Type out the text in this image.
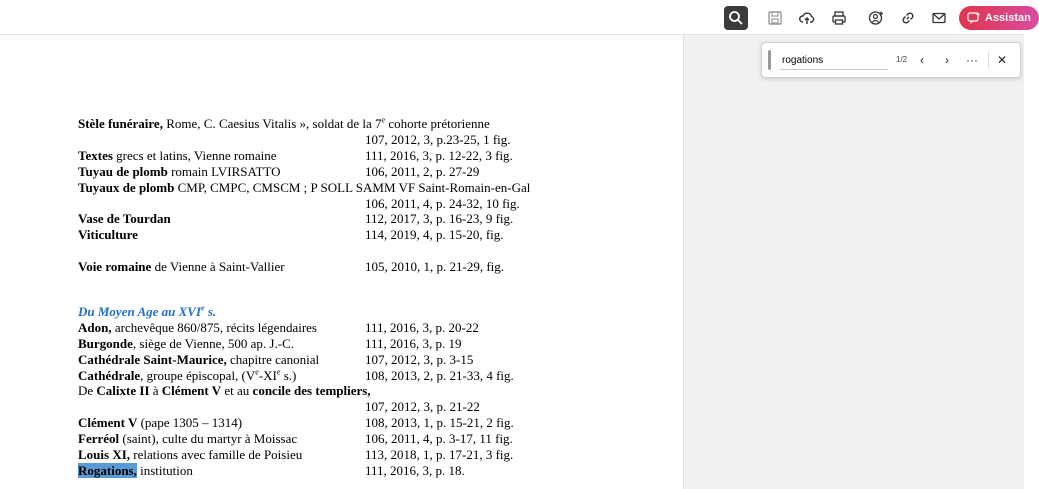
Assistan
Stèle funéraire, Rome, C. Caesius Vitalis », soldat de la 7e cohorte prétorienne
107, 2012, 3, p.23-25, 1 fig.
Textes grecs et latins, Vienne romaine	111, 2016, 3, p. 12-22, 3 fig.
Tuyau de plomb romain LVIRSATTO	106, 2011, 2, p. 27-29
Tuyaux de plomb CMP, CMPC, CMSCM ; P SOLL SAMM VF Saint-Romain-en-Gal
106, 2011, 4, p. 24-32, 10 fig.
Vase de Tourdan	112, 2017, 3, p. 16-23, 9 fig.
Viticulture	114, 2019, 4, p. 15-20, fig.
Voie romaine de Vienne à Saint-Vallier	105, 2010, 1, p. 21-29, fig.
Du Moyen Age au XVIe s.
Adon, archevêque 860/875, récits légendaires	111, 2016, 3, p. 20-22
Burgonde, siège de Vienne, 500 ap. J.-C.	111, 2016, 3, p. 19
Cathédrale Saint-Maurice, chapitre canonial	107, 2012, 3, p. 3-15
Cathédrale, groupe épiscopal, (Ve-XIe s.)	108, 2013, 2, p. 21-33, 4 fig.
De Calixte II à Clément V et au concile des templiers,
107, 2012, 3, p. 21-22
Clément V (pape 1305 – 1314)	108, 2013, 1, p. 15-21, 2 fig.
Ferréol (saint), culte du martyr à Moissac	106, 2011, 4, p. 3-17, 11 fig.
Louis XI, relations avec famille de Poisieu	113, 2018, 1, p. 17-21, 3 fig.
Rogations, institution	111, 2016, 3, p. 18.
rogations
1/2 ‹ › ··· ✕
